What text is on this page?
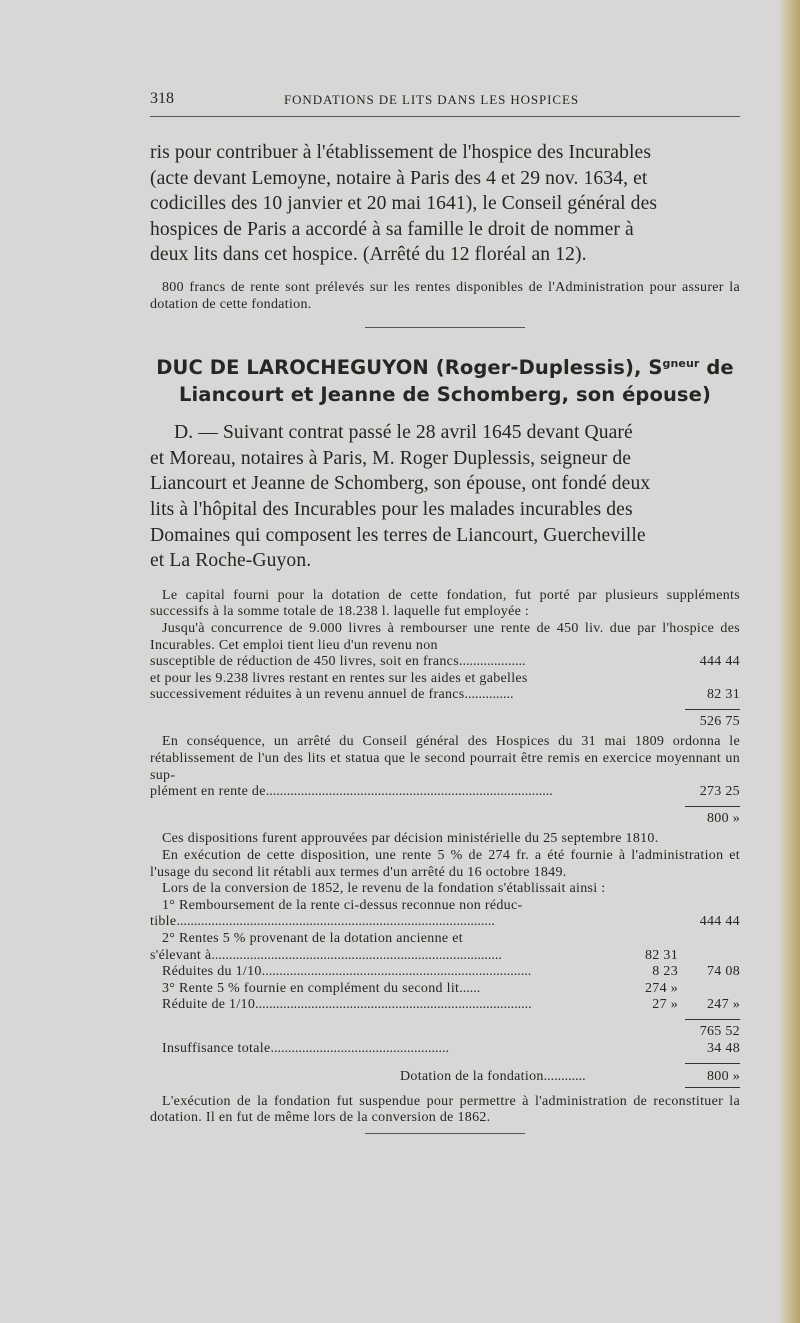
318	FONDATIONS DE LITS DANS LES HOSPICES

ris pour contribuer à l'établissement de l'hospice des Incurables

(acte devant Lemoyne, notaire à Paris des 4 et 29 nov. 1634, et

codicilles des 10 janvier et 20 mai 1641), le Conseil général des

hospices de Paris a accordé à sa famille le droit de nommer à

deux lits dans cet hospice. (Arrêté du 12 floréal an 12).

800 francs de rente sont prélevés sur les rentes disponibles de l'Administration pour assurer la dotation de cette fondation.

DUC DE LAROCHEGUYON (Roger-Duplessis), $S^{gneur}$ de
Liancourt et Jeanne de Schomberg, son épouse)

D. — Suivant contrat passé le 28 avril 1645 devant Quaré

et Moreau, notaires à Paris, M. Roger Duplessis, seigneur de

Liancourt et Jeanne de Schomberg, son épouse, ont fondé deux

lits à l'hôpital des Incurables pour les malades incurables des

Domaines qui composent les terres de Liancourt, Guercheville

et La Roche-Guyon.

Le capital fourni pour la dotation de cette fondation, fut porté par plusieurs suppléments successifs à la somme totale de 18.238 l. laquelle fut employée :

Jusqu'à concurrence de 9.000 livres à rembourser une rente de 450 liv. due par l'hospice des Incurables. Cet emploi tient lieu d'un revenu non

susceptible de réduction de 450 livres, soit en francs...................	444 44
et pour les 9.238 livres restant en rentes sur les aides et gabelles
successivement réduites à un revenu annuel de francs..............	82 31
526 75

En conséquence, un arrêté du Conseil général des Hospices du 31 mai 1809 ordonna le rétablissement de l'un des lits et statua que le second pourrait être remis en exercice moyennant un sup-

plément en rente de..................................................................................	273 25
800 »

Ces dispositions furent approuvées par décision ministérielle du 25 septembre 1810.

En exécution de cette disposition, une rente 5 % de 274 fr. a été fournie à l'administration et l'usage du second lit rétabli aux termes d'un arrêté du 16 octobre 1849.

Lors de la conversion de 1852, le revenu de la fondation s'établissait ainsi :

1° Remboursement de la rente ci-dessus reconnue non réduc-
tible...........................................................................................	444 44
2° Rentes 5 % provenant de la dotation ancienne et
s'élevant à...................................................................................	82 31
Réduites du 1/10.............................................................................	8 23	74 08
3° Rente 5 % fournie en complément du second lit......	274 »
Réduite de 1/10...............................................................................	27 »	247 »
765 52
Insuffisance totale...................................................	34 48
Dotation de la fondation............	800 »

L'exécution de la fondation fut suspendue pour permettre à l'administration de reconstituer la dotation. Il en fut de même lors de la conversion de 1862.
